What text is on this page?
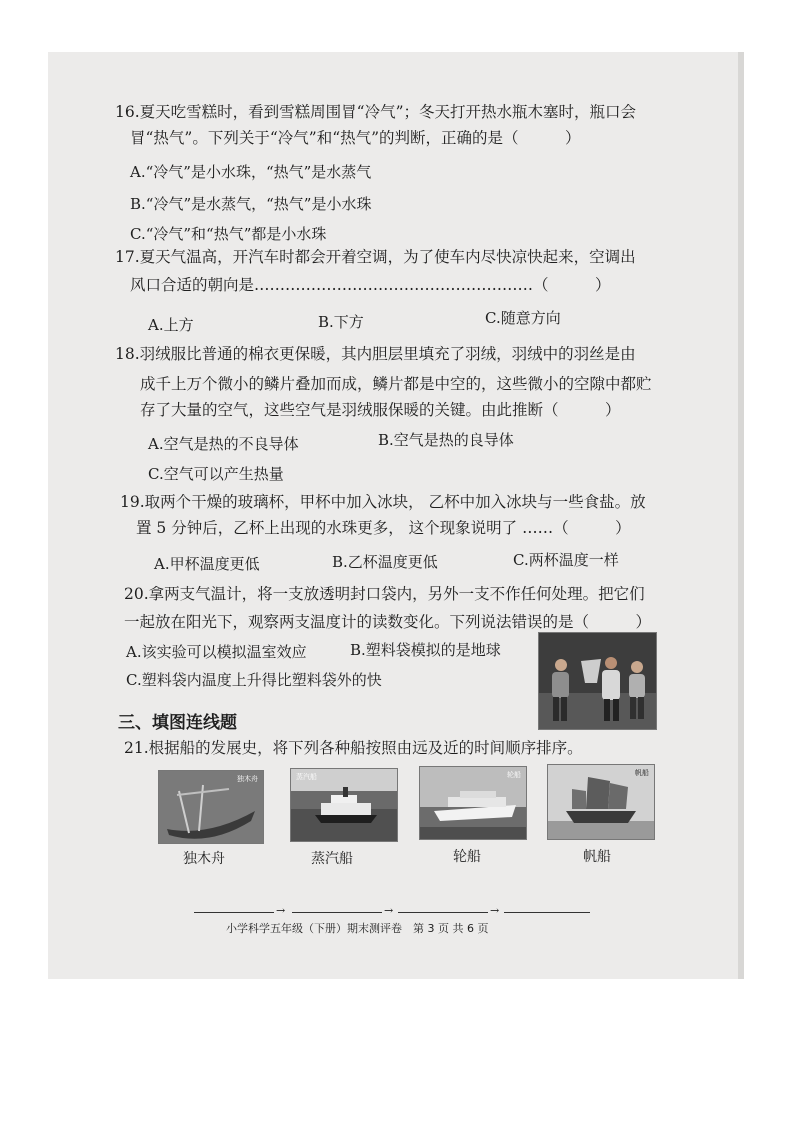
16.夏天吃雪糕时，看到雪糕周围冒“冷气”；冬天打开热水瓶木塞时，瓶口会
冒“热气”。下列关于“冷气”和“热气”的判断，正确的是（　　　）
A.“冷气”是小水珠，“热气”是水蒸气
B.“冷气”是水蒸气，“热气”是小水珠
C.“冷气”和“热气”都是小水珠
17.夏天气温高，开汽车时都会开着空调，为了使车内尽快凉快起来，空调出
风口合适的朝向是………………………………………………（　　　）
A.上方	B.下方	C.随意方向
18.羽绒服比普通的棉衣更保暖，其内胆层里填充了羽绒，羽绒中的羽丝是由
成千上万个微小的鳞片叠加而成，鳞片都是中空的，这些微小的空隙中都贮
存了大量的空气，这些空气是羽绒服保暖的关键。由此推断（　　　）
A.空气是热的不良导体	B.空气是热的良导体
C.空气可以产生热量
19.取两个干燥的玻璃杯，甲杯中加入冰块， 乙杯中加入冰块与一些食盐。放
置 5 分钟后，乙杯上出现的水珠更多， 这个现象说明了 ……（　　　）
A.甲杯温度更低	B.乙杯温度更低	C.两杯温度一样
20.拿两支气温计，将一支放透明封口袋内，另外一支不作任何处理。把它们
一起放在阳光下，观察两支温度计的读数变化。下列说法错误的是（　　　）
A.该实验可以模拟温室效应	B.塑料袋模拟的是地球
C.塑料袋内温度上升得比塑料袋外的快
三、填图连线题
21.根据船的发展史，将下列各种船按照由远及近的时间顺序排序。
独木舟	蒸汽船	轮船	帆船
独木舟	蒸汽船	轮船	帆船
→	→	→
小学科学五年级（下册）期末测评卷　第 3 页 共 6 页
